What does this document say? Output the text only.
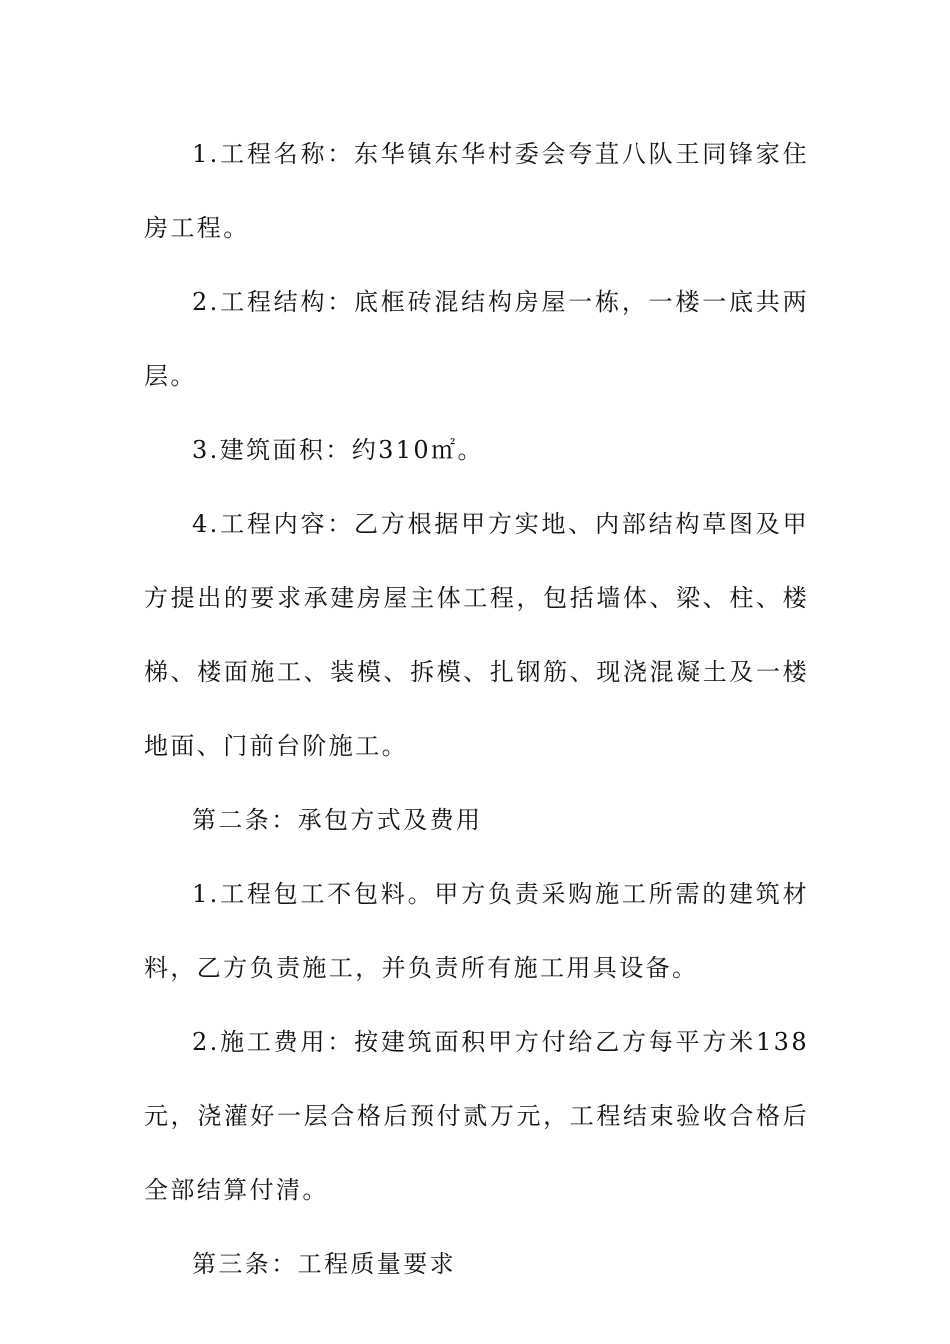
1.工程名称：东华镇东华村委会夸苴八队王同锋家住房工程。

2.工程结构：底框砖混结构房屋一栋，一楼一底共两层。

3.建筑面积：约310㎡。

4.工程内容：乙方根据甲方实地、内部结构草图及甲方提出的要求承建房屋主体工程，包括墙体、梁、柱、楼梯、楼面施工、装模、拆模、扎钢筋、现浇混凝土及一楼地面、门前台阶施工。

第二条：承包方式及费用

1.工程包工不包料。甲方负责采购施工所需的建筑材料，乙方负责施工，并负责所有施工用具设备。

2.施工费用：按建筑面积甲方付给乙方每平方米138元，浇灌好一层合格后预付贰万元，工程结束验收合格后全部结算付清。

第三条：工程质量要求
